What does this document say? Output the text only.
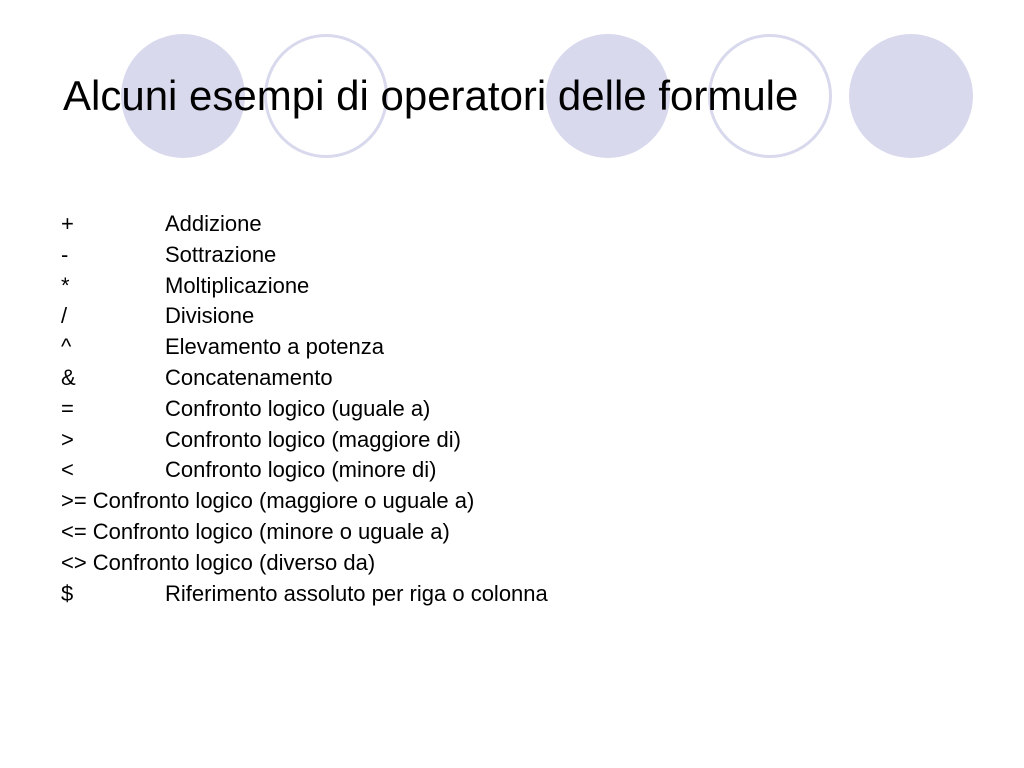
Alcuni esempi di operatori delle formule
+	Addizione
-	Sottrazione
*	Moltiplicazione
/	Divisione
^	Elevamento a potenza
&	Concatenamento
=	Confronto logico (uguale a)
>	Confronto logico (maggiore di)
<	Confronto logico (minore di)
>= Confronto logico (maggiore o uguale a)
<= Confronto logico (minore o uguale a)
<> Confronto logico (diverso da)
$	Riferimento assoluto per riga o colonna
